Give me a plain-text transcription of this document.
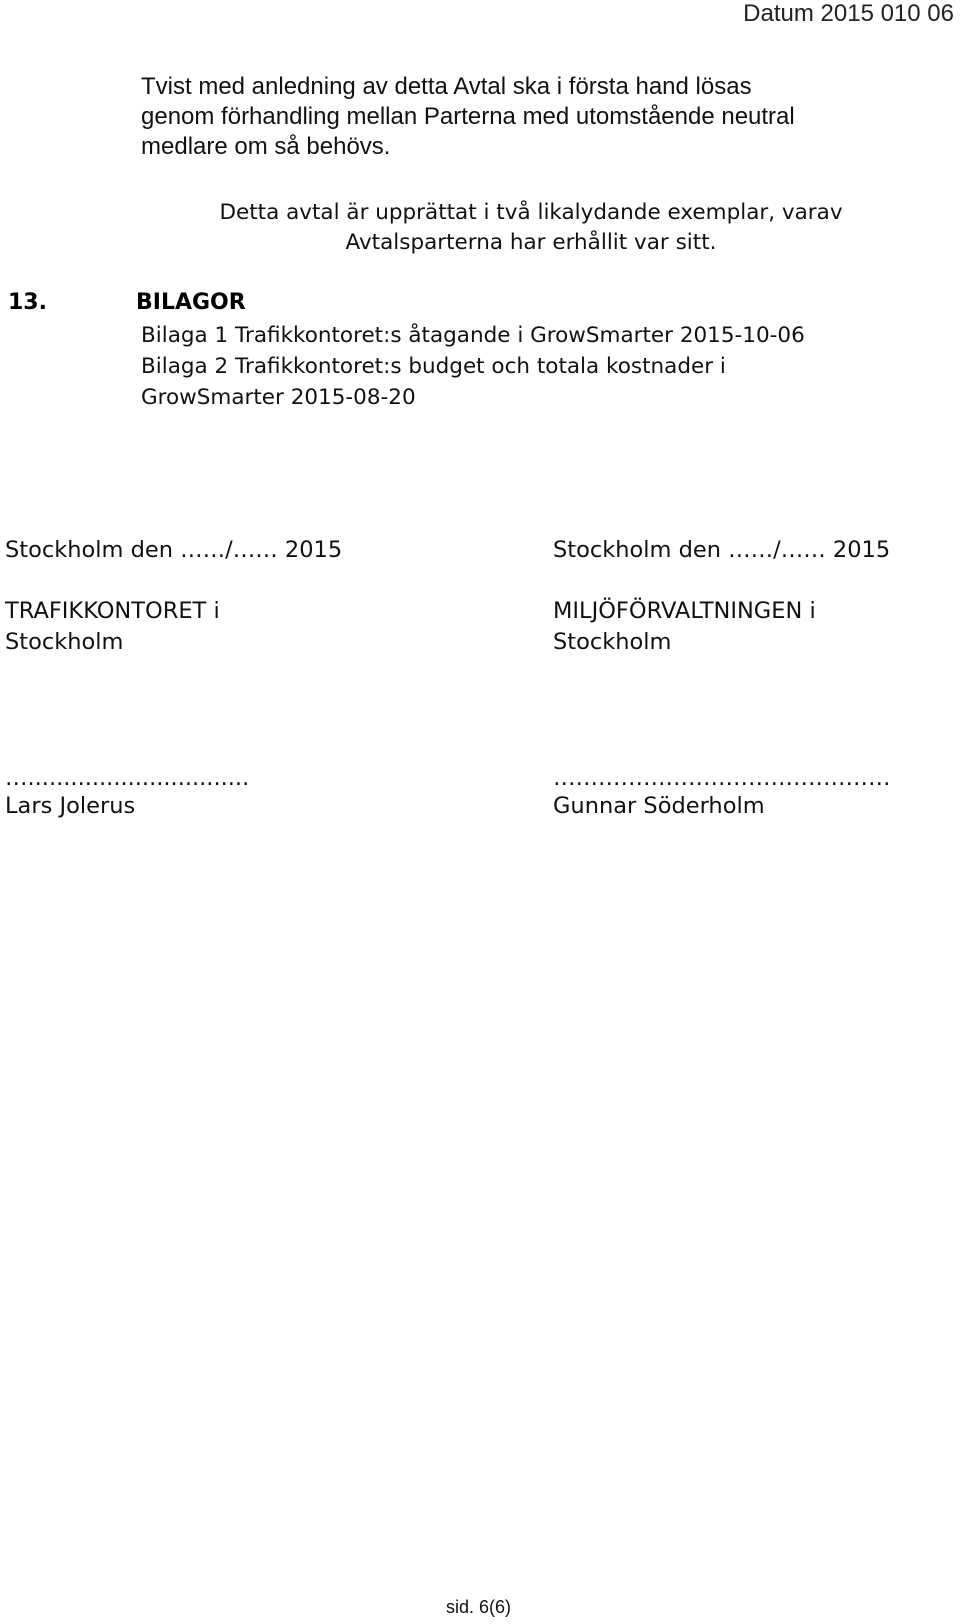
Datum 2015 010 06
Tvist med anledning av detta Avtal ska i första hand lösas
genom förhandling mellan Parterna med utomstående neutral
medlare om så behövs.
Detta avtal är upprättat i två likalydande exemplar, varav
Avtalsparterna har erhållit var sitt.
13.	BILAGOR
Bilaga 1 Trafikkontoret:s åtagande i GrowSmarter 2015-10-06
Bilaga 2 Trafikkontoret:s budget och totala kostnader i
GrowSmarter 2015-08-20
Stockholm den ……/…… 2015
TRAFIKKONTORET i
Stockholm
…...............................
Lars Jolerus
Stockholm den ……/…… 2015
MILJÖFÖRVALTNINGEN i
Stockholm
………………………………………
Gunnar Söderholm
sid. 6(6)
